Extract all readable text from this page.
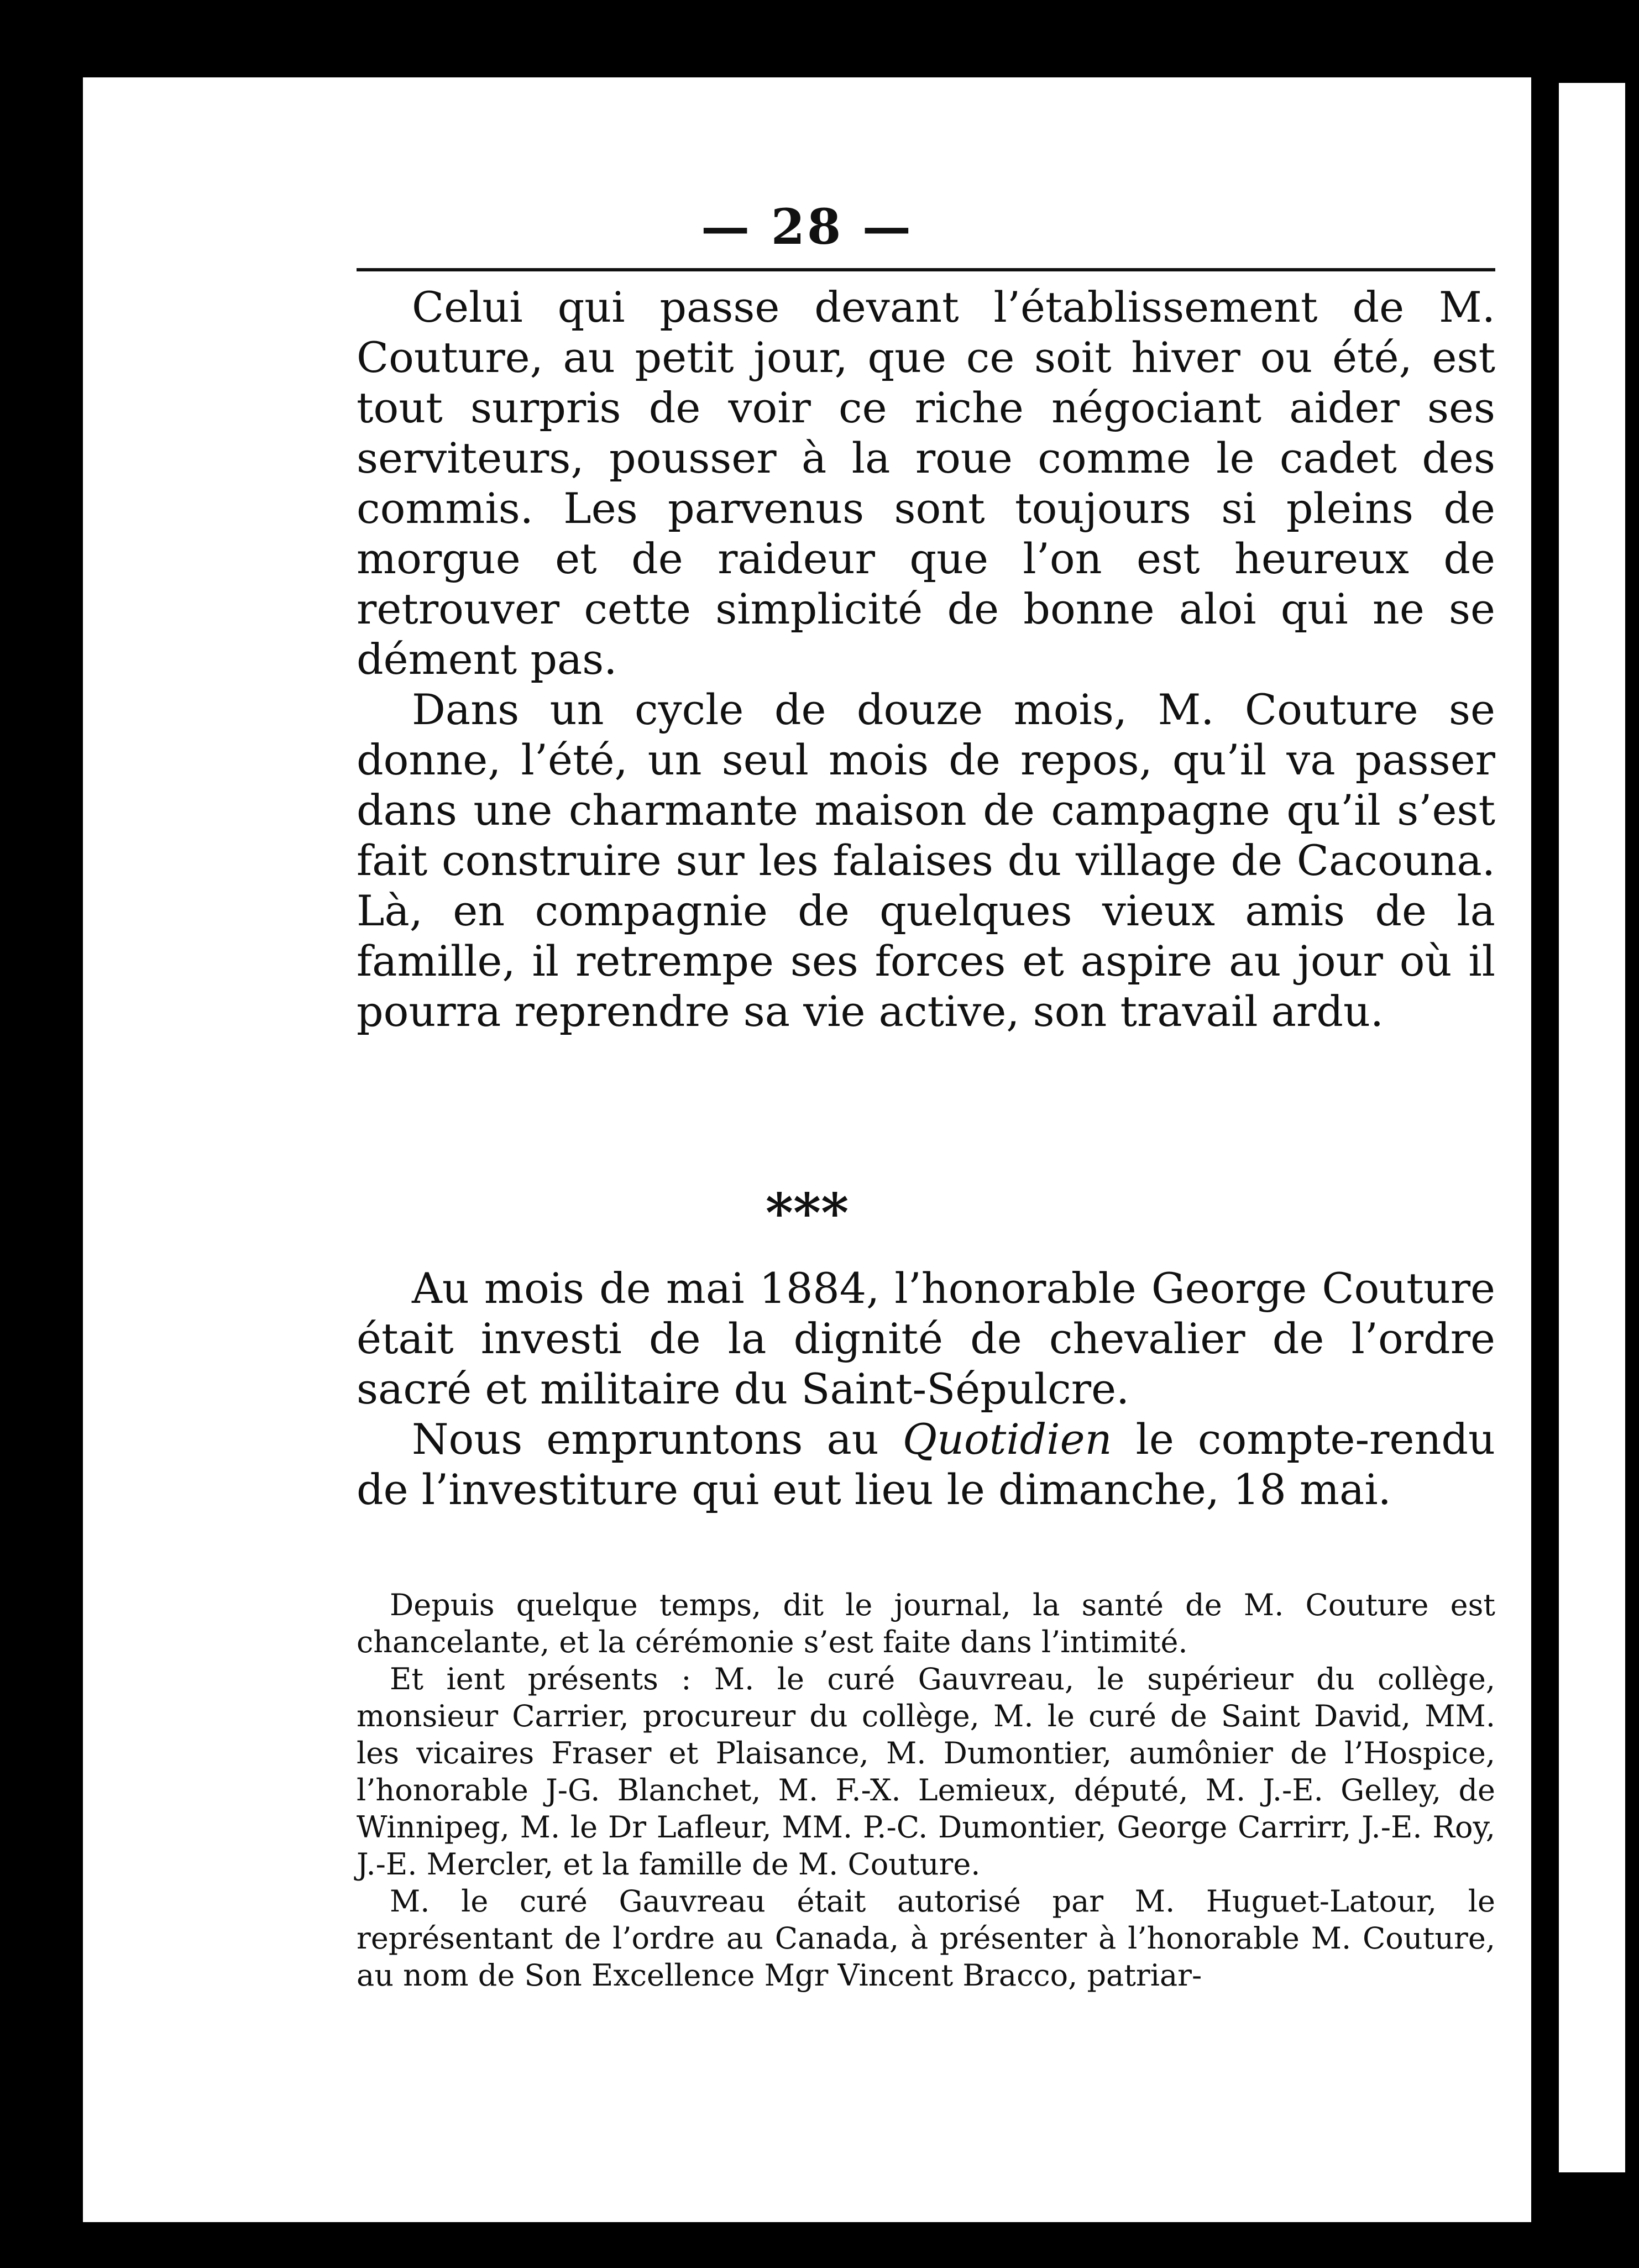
— 28 —

Celui qui passe devant l’établissement de M. Couture, au petit jour, que ce soit hiver ou été, est tout surpris de voir ce riche négociant aider ses serviteurs, pousser à la roue comme le cadet des commis. Les parvenus sont toujours si pleins de morgue et de raideur que l’on est heureux de retrouver cette simplicité de bonne aloi qui ne se dément pas.

Dans un cycle de douze mois, M. Couture se donne, l’été, un seul mois de repos, qu’il va passer dans une charmante maison de campagne qu’il s’est fait construire sur les falaises du village de Cacouna. Là, en compagnie de quelques vieux amis de la famille, il retrempe ses forces et aspire au jour où il pourra reprendre sa vie active, son travail ardu.

***

Au mois de mai 1884, l’honorable George Couture était investi de la dignité de chevalier de l’ordre sacré et militaire du Saint-Sépulcre.

Nous empruntons au Quotidien le compte-rendu de l’investiture qui eut lieu le dimanche, 18 mai.

Depuis quelque temps, dit le journal, la santé de M. Couture est chancelante, et la cérémonie s’est faite dans l’intimité.

Et ient présents : M. le curé Gauvreau, le supérieur du collège, monsieur Carrier, procureur du collège, M. le curé de Saint David, MM. les vicaires Fraser et Plaisance, M. Dumontier, aumônier de l’Hospice, l’honorable J-G. Blanchet, M. F.-X. Lemieux, député, M. J.-E. Gelley, de Winnipeg, M. le Dr Lafleur, MM. P.-C. Dumontier, George Carrirr, J.-E. Roy, J.-E. Mercler, et la famille de M. Couture.

M. le curé Gauvreau était autorisé par M. Huguet-Latour, le représentant de l’ordre au Canada, à présenter à l’honorable M. Couture, au nom de Son Excellence Mgr Vincent Bracco, patriar-
